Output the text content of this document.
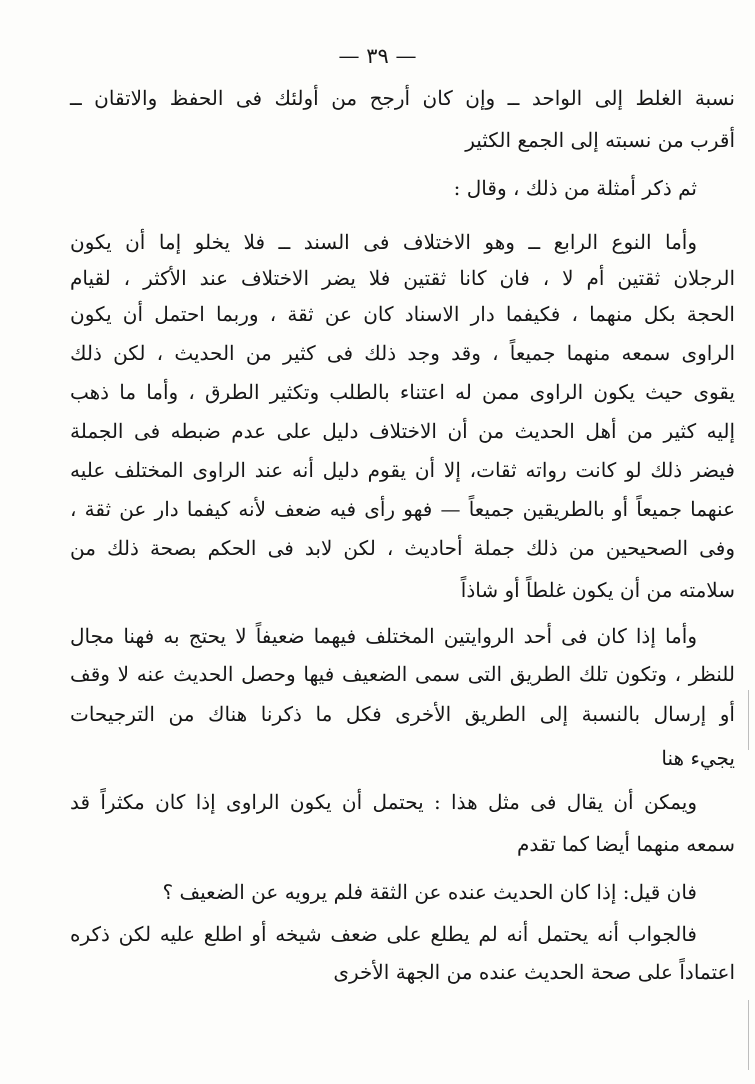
— ٣٩ —
نسبة الغلط إلى الواحد ــ وإن كان أرجح من أولئك فى الحفظ والاتقان ــ
أقرب من نسبته إلى الجمع الكثير
ثم ذكر أمثلة من ذلك ، وقال :
وأما النوع الرابع ــ وهو الاختلاف فى السند ــ فلا يخلو إما أن يكون
الرجلان ثقتين أم لا ، فان كانا ثقتين فلا يضر الاختلاف عند الأكثر ، لقيام
الحجة بكل منهما ، فكيفما دار الاسناد كان عن ثقة ، وربما احتمل أن يكون
الراوى سمعه منهما جميعاً ، وقد وجد ذلك فى كثير من الحديث ، لكن ذلك
يقوى حيث يكون الراوى ممن له اعتناء بالطلب وتكثير الطرق ، وأما ما ذهب
إليه كثير من أهل الحديث من أن الاختلاف دليل على عدم ضبطه فى الجملة
فيضر ذلك لو كانت رواته ثقات، إلا أن يقوم دليل أنه عند الراوى المختلف عليه
عنهما جميعاً أو بالطريقين جميعاً — فهو رأى فيه ضعف لأنه كيفما دار عن ثقة ،
وفى الصحيحين من ذلك جملة أحاديث ، لكن لابد فى الحكم بصحة ذلك من
سلامته من أن يكون غلطاً أو شاذاً
وأما إذا كان فى أحد الروايتين المختلف فيهما ضعيفاً لا يحتج به فهنا مجال
للنظر ، وتكون تلك الطريق التى سمى الضعيف فيها وحصل الحديث عنه لا وقف
أو إرسال بالنسبة إلى الطريق الأخرى فكل ما ذكرنا هناك من الترجيحات
يجيء هنا
ويمكن أن يقال فى مثل هذا : يحتمل أن يكون الراوى إذا كان مكثراً قد
سمعه منهما أيضا كما تقدم
فان قيل: إذا كان الحديث عنده عن الثقة فلم يرويه عن الضعيف ؟
فالجواب أنه يحتمل أنه لم يطلع على ضعف شيخه أو اطلع عليه لكن ذكره
اعتماداً على صحة الحديث عنده من الجهة الأخرى
